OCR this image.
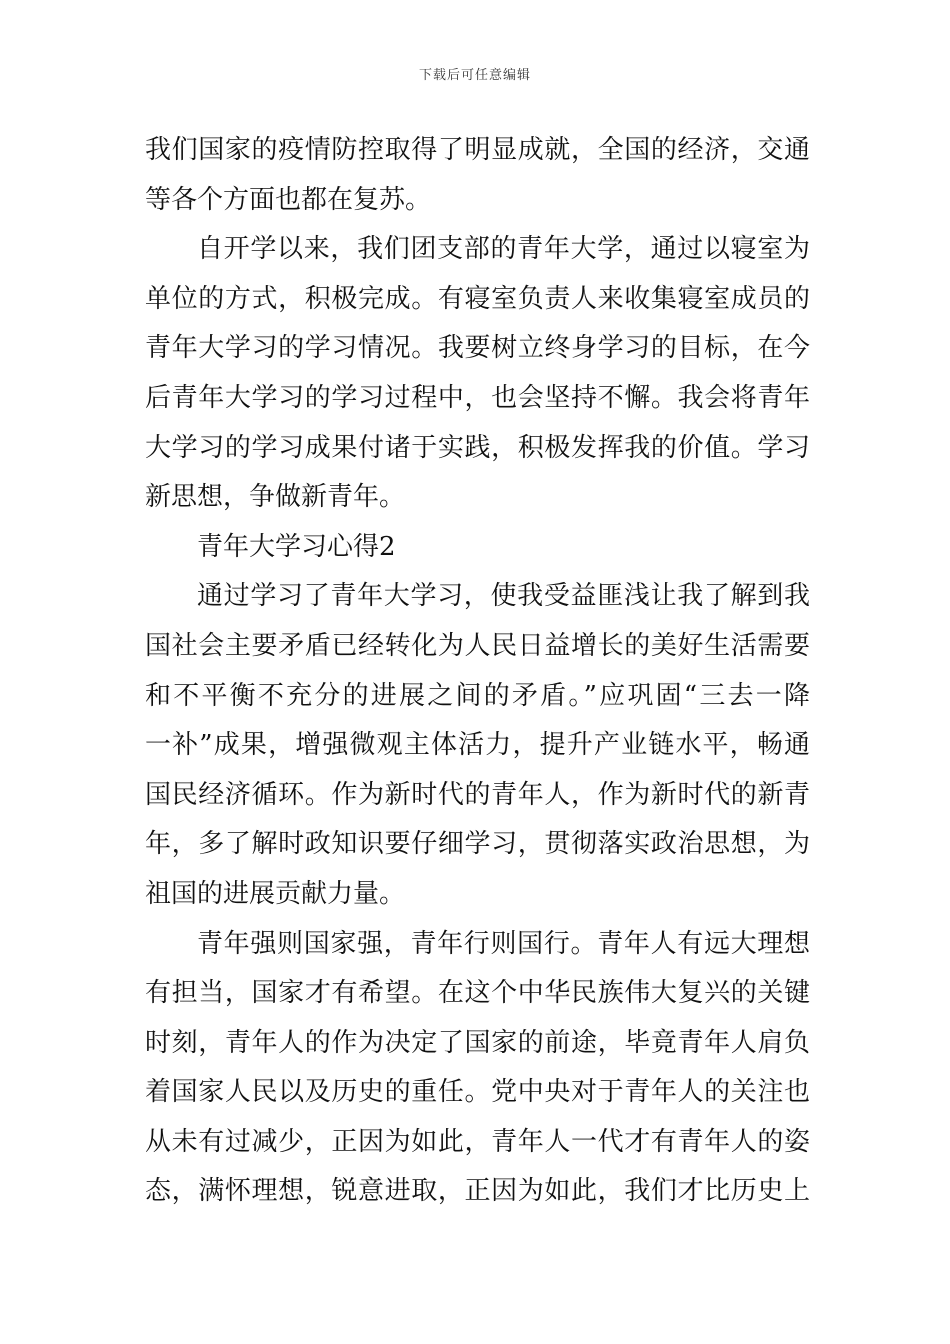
下载后可任意编辑
我们国家的疫情防控取得了明显成就，全国的经济，交通
等各个方面也都在复苏。
自开学以来，我们团支部的青年大学，通过以寝室为
单位的方式，积极完成。有寝室负责人来收集寝室成员的
青年大学习的学习情况。我要树立终身学习的目标，在今
后青年大学习的学习过程中，也会坚持不懈。我会将青年
大学习的学习成果付诸于实践，积极发挥我的价值。学习
新思想，争做新青年。
青年大学习心得2
通过学习了青年大学习，使我受益匪浅让我了解到我
国社会主要矛盾已经转化为人民日益增长的美好生活需要
和不平衡不充分的进展之间的矛盾。”应巩固“三去一降
一补”成果，增强微观主体活力，提升产业链水平，畅通
国民经济循环。作为新时代的青年人，作为新时代的新青
年，多了解时政知识要仔细学习，贯彻落实政治思想，为
祖国的进展贡献力量。
青年强则国家强，青年行则国行。青年人有远大理想
有担当，国家才有希望。在这个中华民族伟大复兴的关键
时刻，青年人的作为决定了国家的前途，毕竟青年人肩负
着国家人民以及历史的重任。党中央对于青年人的关注也
从未有过减少，正因为如此，青年人一代才有青年人的姿
态，满怀理想，锐意进取，正因为如此，我们才比历史上
